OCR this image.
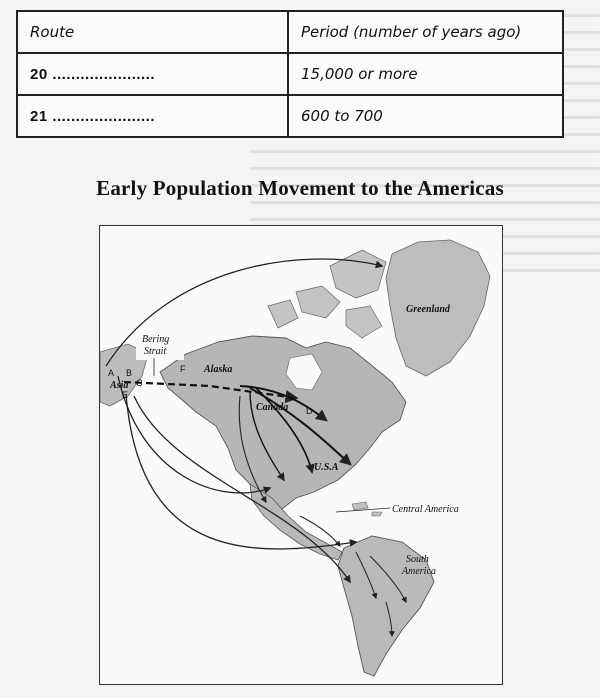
Route	Period (number of years ago)
20 ......................	15,000 or more
21 ......................	600 to 700
Early Population Movement to the Americas
Bering
Strait
Alaska
Asia
Canada
U.S.A
Greenland
Central America
South
America
A B
C
D
E
F
